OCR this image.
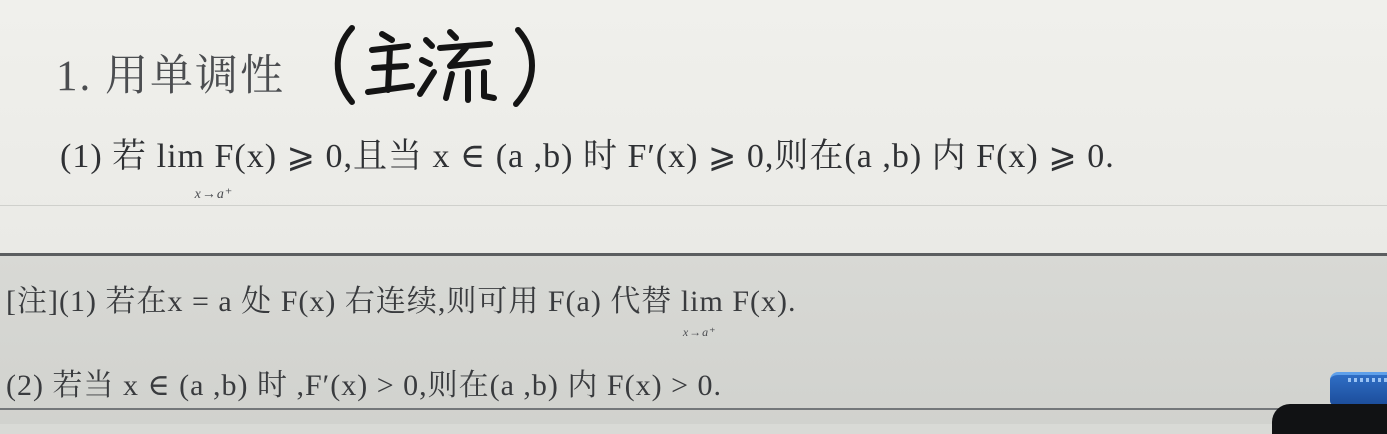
1. 用单调性
(1) 若 lim
x→a⁺
F(x) ⩾ 0,且当 x ∈ (a ,b) 时 F′(x) ⩾ 0,则在(a ,b) 内 F(x) ⩾ 0.
[注](1) 若在x = a 处 F(x) 右连续,则可用 F(a) 代替 lim
x→a⁺
F(x).
(2) 若当 x ∈ (a ,b) 时 ,F′(x) > 0,则在(a ,b) 内 F(x) > 0.
